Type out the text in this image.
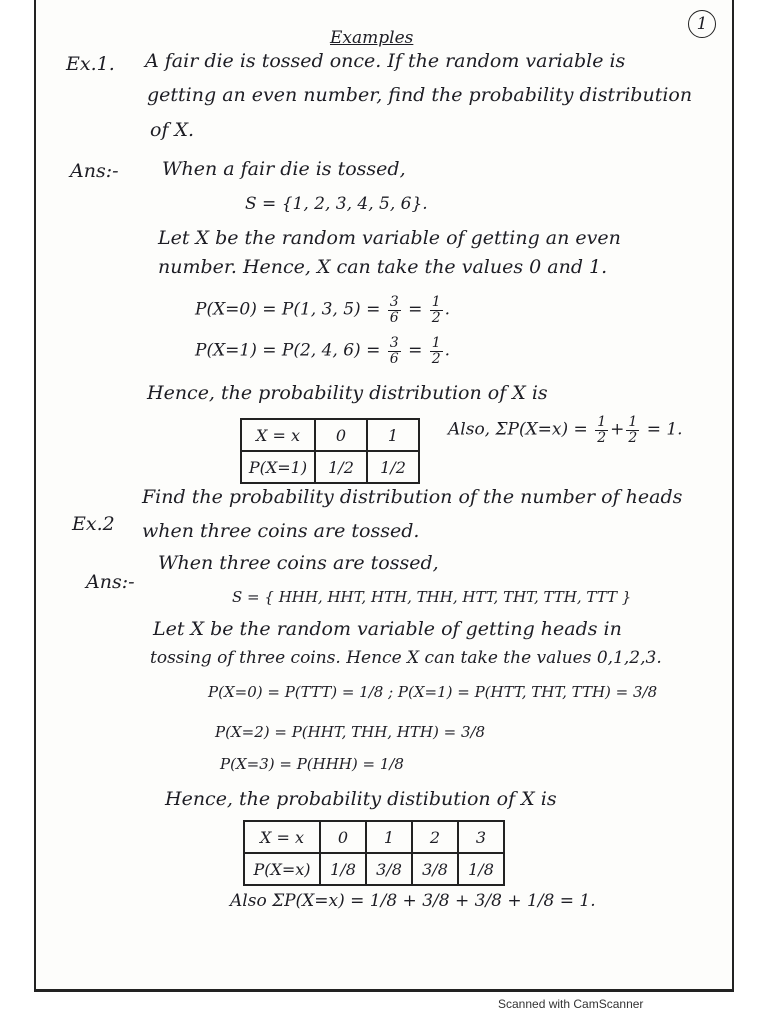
Examples
1
Ex.1. A fair die is tossed once. If the random variable is
getting an even number, find the probability distribution
of X.
Ans:- When a fair die is tossed,
S = {1, 2, 3, 4, 5, 6}.
Let X be the random variable of getting an even
number. Hence, X can take the values 0 and 1.
P(X=0) = P(1, 3, $5) = \frac{3}{6} = \frac{1}{2}$ .
P(X=1) = P(2, 4, $6) = \frac{3}{6} = \frac{1}{2}$ .
Hence, the probability distribution of X is
X = x	0	1
P(X=1)	1/2	1/2
Also, $\Sigma P(X=x) = \frac{1}{2} + \frac{1}{2} = 1$.
Ex.2
Find the probability distribution of the number of heads
when three coins are tossed.
Ans:-
When three coins are tossed,
S = { HHH, HHT, HTH, THH, HTT, THT, TTH, TTT }
Let X be the random variable of getting heads in
tossing of three coins. Hence X can take the values 0,1,2,3.
P(X=0) = P(TTT) = 1/8 ; P(X=1) = P(HTT, THT, TTH) = 3/8
P(X=2) = P(HHT, THH, HTH) = 3/8
P(X=3) = P(HHH) = 1/8
Hence, the probability distibution of X is
X = x	0	1	2	3
P(X=x)	1/8	3/8	3/8	1/8
Also ΣP(X=x) = 1/8 + 3/8 + 3/8 + 1/8 = 1.
Scanned with CamScanner
